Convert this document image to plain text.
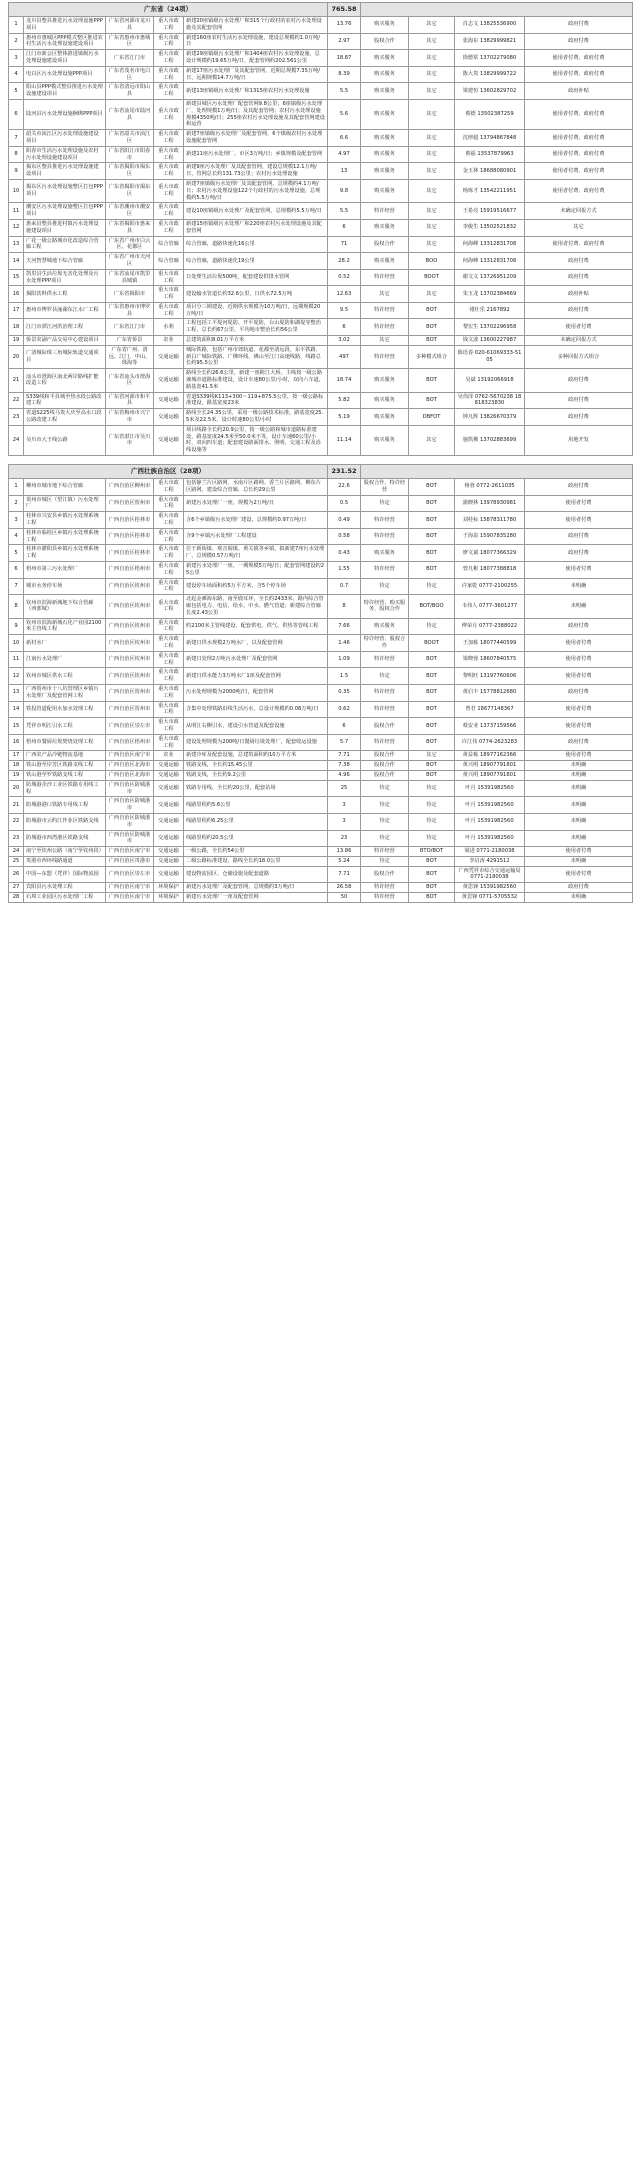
广东省（24项）					765.58				
1	龙川县整县推进污水处理设施PPP项目	广东省河源市龙川县	重大市政工程	新建20座镇级污水处理厂和315个行政村的农村污水处理设施及其配套管网	13.76	购买服务	其它	肖志文 13825536900	政府付费
2	惠州市惠城区PPP模式整区推进农村生活污水处理设施建设项目	广东省惠州市惠城区	重大市政工程	新建160座农村生活污水处理设施，建设总规模约1.0万吨/日	2.97	股权合作	其它	张海东 13829999821	政府付费
3	江门市新会区整体推进镇级污水处理设施建设项目	广东省江门市	重大市政工程	新建29座镇级污水处理厂和1404座农村污水处理设施，总设计规模约19.65万吨/日，配套管网约202.561公里	18.87	购买服务	其它	徐德常 13702279080	使用者付费、政府付费
4	电白区污水处理设施PPP项目	广东省茂名市电白区	重大市政工程	新建17座污水处理厂及其配套管网，近期总规模7.35万吨/日，远期规模14.7万吨/日	8.39	购买服务	其它	陈大贵 13829999722	使用者付费、政府付费
5	阳山县PPP模式整县推进污水处理设施建设项目	广东省清远市阳山县	重大市政工程	新建13座镇级污水处理厂和1315座农村污水处理设施	5.5	购买服务	其它	梁建恒 13602829702	政府补贴
6	陆河县污水处理设施捆绑PPP项目	广东省汕尾市陆河县	重大市政工程	新建县城区污水处理厂配套管网9.8公里；6座镇级污水处理厂，处理规模1万吨/日；及其配套管网；农村污水处理设施规模4350吨/日；255座农村污水处理设施及其配套管网建设和运营	5.6	购买服务	其它	蔡德 13502387259	使用者付费、政府付费
7	韶关市浈江区污水处理设施建设项目	广东省韶关市浈江区	重大市政工程	新建7座镇级污水处理厂及配套管网，6个镇级农村污水处理设施配套管网	6.6	购买服务	其它	沈律超 13794867848	使用者付费、政府付费
8	阳春市生活污水处理设施及农村污水处理设施建设项目	广东省阳江市阳春市	重大市政工程	新建11座污水处理厂，市区3万吨/日；乡镇规模及配套管网	4.97	购买服务	其它	蔡福 13537879963	使用者付费、政府付费
9	揭东区整县推进污水处理设施建设项目	广东省揭阳市揭东区	重大市政工程	新建9座污水处理厂及其配套管网，建设总规模12.1万吨/日，管网总长约131.73公里；农村污水处理设施	13	购买服务	其它	金玉林 18688080901	使用者付费、政府付费
10	揭东区污水处理设施整区打包PPP项目	广东省揭阳市揭东区	重大市政工程	新建7座镇级污水处理厂及其配套管网，总规模约4.1万吨/日；农村污水处理设施122个行政村的污水处理设施，总规模约5.5万吨/日	9.8	购买服务	其它	杨炼才 13542211951	使用者付费、政府付费
11	潮安区污水处理设施整区打包PPP项目	广东省潮州市潮安区	重大市政工程	建设10座镇级污水处理厂及配套管网，总规模约5.5万吨/日	5.5	特许经营	其它	王希亮 15919516677	未确定回报方式
12	惠来县整县推进村镇污水处理设施建设项目	广东省揭阳市惠来县	重大市政工程	新建15座镇级污水处理厂和220座农村污水处理设施及其配套管网	6	购买服务	其它	李俊生 13502521832	其它
13	广花一级公路城市化改造综合管廊工程	广东省广州市白云区、花都区	综合管廊	综合管廊，道路快速化16公里	71	股权合作	其它	何海峰 13312831708	使用者付费、政府付费
14	天河智慧城地下综合管廊	广东省广州市天河区	综合管廊	综合管廊，道路快速化19公里	28.2	购买服务	BOO	何海峰 13312831708	政府付费
15	凯里县生活垃圾无害化处理及污水处理PPP项目	广东省汕尾市凯里县城镇	重大市政工程	日处理生活垃圾500吨，配套建设供排水管网	0.52	特许经营	BOOT	谢文文 13726951209	政府付费
16	揭阳饮料供水工程	广东省揭阳市	重大市政工程	建设输水管道长约32.6公里，日供水72.5万吨	12.63	其它	其它	朱玉龙 13702384669	政府补贴
17	惠州市博罗县潼湖东江水厂工程	广东省惠州市博罗县	重大市政工程	项目分三期建设，近期供水规模为10万吨/日，远期规模20万吨/日	9.5	特许经营	BOT	褚壮乐 2167892	政府付费
18	江门市潭江河洪治理工程	广东省江门市	水利	工程包括工平堤河堤防、开平堤防，台山堤防和湖堤等整治工程，总长约67公里，平均地市整治长约56公里	6	特许经营	BOT	黎宏生 13702296958	使用者付费
19	侨景农副产品交易中心建设项目	广东省侨景	农业	总建筑面积8.01万平方米	3.02	其它	BOT	钱文波 13600227987	未确定回报方式
20	广清城际珠三角城际轨道交通项目	广东省广州、清远、江门、中山、珠海等	交通运输	城际铁路，包括广州市郊轨道、花都至清远段、东平铁路、新白广城际铁路、广佛环线、佛山至江门高速线路，线路总长约95.5公里	497	特许经营	多种模式组合	陈语春 020-61069333-5105	多种回报方式组合
21	汕头市澄海区南北两岸路线扩能改造工程	广东省汕头市澄海区	交通运输	路线全长约26.6公里，新建一座跨江大桥，主线按一级公路兼城市道路标准建设，设计车速80公里/小时，双向六车道，路基宽41.5米	18.74	购买服务	BOT	吴斌 13192066918	政府付费
22	S339线和平县城至热水段公路改建工程	广东省河源市和平县	交通运输	省道S339线K113+300～119+875.5公里，按一级公路标准建设，路基宽度23米	5.82	购买服务	BOT	吴伟泽 0762-5670238 18818323830	政府付费
23	省道S225线马贵大庆至高水口段公路改建工程	广东省梅州市兴宁市	交通运输	路线全长24.35公里，采用一级公路技术标准，路基宽度25.5米及22.5米，设计时速80公里/小时	5.19	购买服务	DBFOT	钟凡辉 13826670379	政府付费
24	吴川市大王线公路	广东省湛江市吴川市	交通运输	项目线路全长约20.9公里，按一级公路和城市道路标准建设，路基宽度24.5米至50.0米不等，设计车速60公里/小时，双向四车道；配套建设路面排水、照明、交通工程及沿线设施等	11.14	购买服务	其它	施凯佛 13702883699	用地开发

广西壮族自治区（28项）					231.52				
1	柳州市城市地下综合管廊	广西自治区柳州市	重大市政工程	包括静兰片区路网、水南片区路网、香兰片区路网、柳东片区路网，建设综合管廊，总长约29公里	22.6	股权合作、特许经营	BOT	杨蓉 0772-2611035	政府付费
2	贺州市城区（望江镇）污水处理厂	广西自治区贺州市	重大市政工程	新建污水处理厂一座，规模为2万吨/日	0.5	待定	BOT	蒲晓林 13978930981	使用者付费
3	桂林市兴安县乡镇污水处理系统工程	广西自治区桂林市	重大市政工程	含6个乡镇级污水处理厂建设，总规模约0.97万吨/日	0.49	特许经营	BOT	刘桂标 15878311780	使用者付费
4	桂林市临桂区乡镇污水处理系统工程	广西自治区桂林市	重大市政工程	含9个乡镇污水处理厂工程建设	0.58	特许经营	BOT	于海泉 15907835280	政府付费
5	桂林市灌阳县乡镇污水处理系统工程	广西自治区桂林市	重大市政工程	位于新街镇、观音阁镇、黄关镇等乡镇，拟新建7座污水处理厂，总规模0.57万吨/日	0.43	购买服务	BOT	廖文斌 18077366329	政府付费
6	梧州市第三污水处理厂	广西自治区梧州市	重大市政工程	新建污水处理厂一座，一期规模5万吨/日；配套管网建设约25公里	1.55	特许经营	BOT	曾凡彬 18077388818	使用者付费
7	城市水务停车场	广西自治区钦州市	重大市政工程	建设停车场面积约5万平方米，含5个停车场	0.7	待定	待定	许家乾 0777-2100255	未明确
8	钦州市滨海新城地下综合管廊（西部城）	广西自治区钦州市	重大市政工程	北起金滩海东路，南至鹿耳环，全长约2433米，路内综合管廊包括电力、电信、给水、中水、燃气管道；新建综合管廊长度2.43公里	8	特许经营、购买服务、股权合作	BOT/BOO	韦伟人 0777-3601277	未明确
9	钦州市滨海新城石化产业园2100米主管线工程	广西自治区钦州市	重大市政工程	约2100米主管线建设，配套供电、供气、供热等管线工程	7.66	购买服务	待定	傅荣月 0777-2388022	政府付费
10	新村水厂	广西自治区钦州市	重大市政工程	新建日供水规模2万吨水厂，以及配套管网	1.46	特许经营、股权合作	BOOT	王加栋 18077440599	使用者付费
11	江南污水处理厂	广西自治区钦州市	重大市政工程	新建日处理2万吨污水处理厂及配套管网	1.09	特许经营	BOT	梁晓蓉 18607840575	使用者付费
12	钦州市城区供水工程	广西自治区钦州市	重大市政工程	新建日供水能力3万吨水厂1座及配套管网	1.5	待定	BOT	黎明旺 13197760606	使用者付费
13	广西贺州市十八坑管理区乡镇污水处理厂及配套管网工程	广西自治区贺州市	重大市政工程	污水处理规模为2000吨/日，配套管网	0.35	特许经营	BOT	黄启丰 15778812680	政府付费
14	铁投管道配用水加水处理工程	广西自治区贺州市	重大市政工程	含集中处理铁路沿线生活污水，总设计规模约0.08万吨/日	0.62	特许经营	BOT	曾君 18677148367	使用者付费
15	凭祥市明江引水工程	广西自治区崇左市	重大市政工程	从明江右侧引水，建设引水管道及配套设施	6	股权合作	BOT	蔡安业 13737159566	使用者付费
16	梧州市餐厨垃圾焚烧处理工程	广西自治区梧州市	重大市政工程	建设处理规模为200吨/日餐厨垃圾处理厂，配套收运设施	5.7	特许经营	BOT	许江伟 0774-2623283	政府付费
17	广西农产品冷链物流基地	广西自治区南宁市	农业	新建冷库及配套设施，总建筑面积约10万平方米	7.71	股权合作	其它	黄益栋 18977162366	使用者付费
18	铁山港至岸芳区铁路支线工程	广西自治区北海市	交通运输	铁路支线，全长约15.45公里	7.38	股权合作	BOT	黄兴明 18907791801	未明确
19	铁山港至罗铁路支线工程	广西自治区北海市	交通运输	铁路支线，全长约9.2公里	4.96	股权合作	BOT	黄兴明 18907791801	未明确
20	防城港企沙工业区铁路专用线工程	广西自治区防城港市	交通运输	铁路专用线，全长约20公里，配套站场	25	待定	待定	叶月 15391982560	未明确
21	防城港港口铁路专用线工程	广西自治区防城港市	交通运输	线路里程约5.6公里	3	待定	待定	叶月 15391982560	未明确
22	防城港市云约江作业区铁路支线	广西自治区防城港市	交通运输	线路里程约6.25公里	3	待定	待定	叶月 15391982560	未明确
23	防城港市西湾港区铁路支线	广西自治区防城港市	交通运输	线路里程约20.5公里	23	待定	待定	叶月 15391982560	未明确
24	南宁至钦州公路（南宁至钦州段）	广西自治区南宁市	交通运输	一级公路，全长约54公里	13.86	特许经营	BTO/BOT	梁进 0771-2180038	使用者付费
25	贵港市西环线路通道	广西自治区贵港市	交通运输	二级公路标准建设，路线全长约18.0公里	5.24	待定	BOT	李启涛 4291512	未明确
26	中国—东盟（凭祥）国际物流园	广西自治区崇左市	交通运输	建设物流园区、仓储设施及配套道路	7.71	股权合作	BOT	广西凭祥市综合交通运输局 0771-2180038	使用者付费
27	宾阳县污水处理工程	广西自治区南宁市	环境保护	新建污水处理厂及配套管网，总规模约3万吨/日	26.58	特许经营	BOT	黄思锋 15391982560	政府付费
28	石埠工业园区污水处理厂工程	广西自治区南宁市	环境保护	新建污水处理厂一座及配套管网	50	特许经营	BOT	黄思锋 0771-5705532	未明确
